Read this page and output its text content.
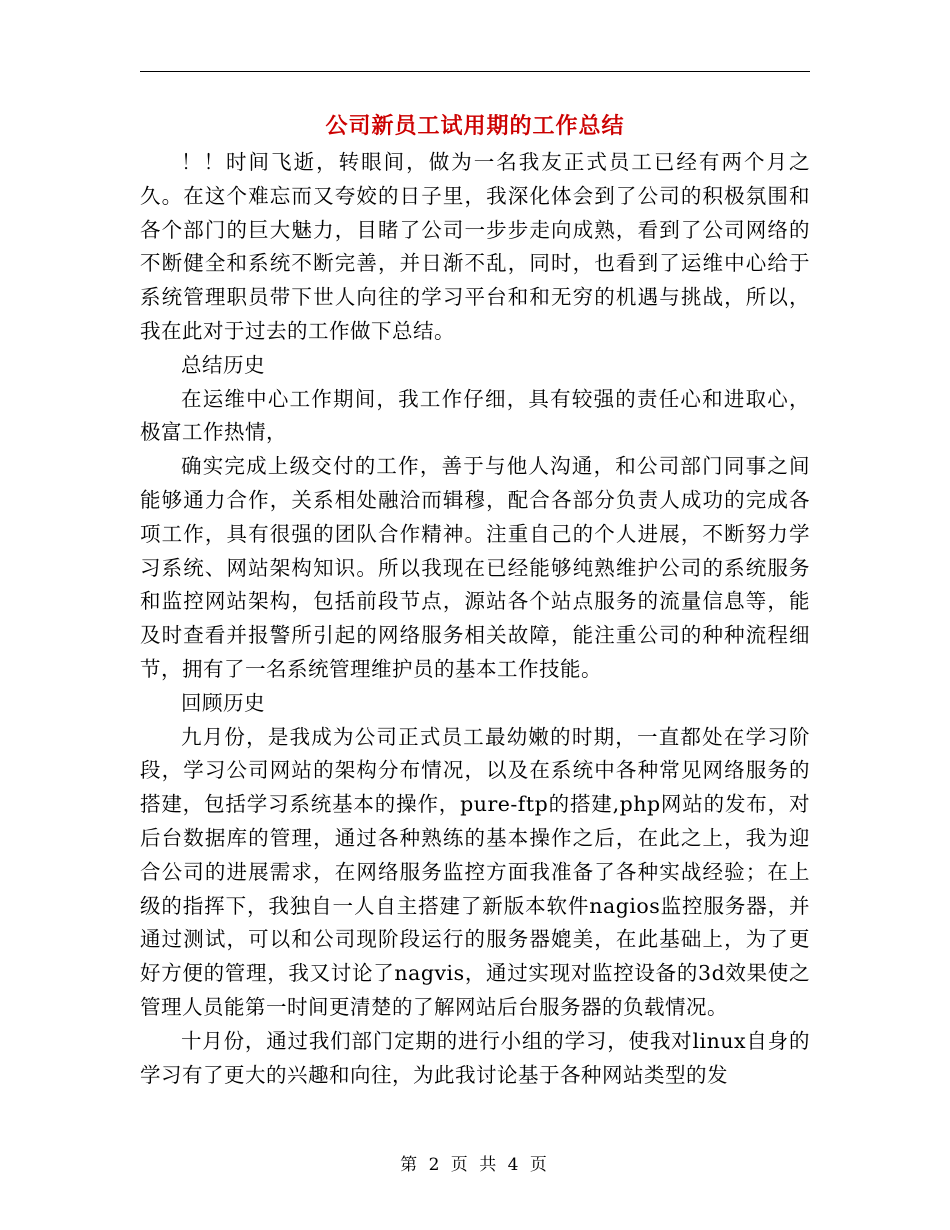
公司新员工试用期的工作总结

！！时间飞逝，转眼间，做为一名我友正式员工已经有两个月之久。在这个难忘而又夸姣的日子里，我深化体会到了公司的积极氛围和各个部门的巨大魅力，目睹了公司一步步走向成熟，看到了公司网络的不断健全和系统不断完善，并日渐不乱，同时，也看到了运维中心给于系统管理职员带下世人向往的学习平台和和无穷的机遇与挑战，所以，我在此对于过去的工作做下总结。

总结历史

在运维中心工作期间，我工作仔细，具有较强的责任心和进取心，极富工作热情，

确实完成上级交付的工作，善于与他人沟通，和公司部门同事之间能够通力合作，关系相处融洽而辑穆，配合各部分负责人成功的完成各项工作，具有很强的团队合作精神。注重自己的个人进展，不断努力学习系统、网站架构知识。所以我现在已经能够纯熟维护公司的系统服务和监控网站架构，包括前段节点，源站各个站点服务的流量信息等，能及时查看并报警所引起的网络服务相关故障，能注重公司的种种流程细节，拥有了一名系统管理维护员的基本工作技能。

回顾历史

九月份，是我成为公司正式员工最幼嫩的时期，一直都处在学习阶段，学习公司网站的架构分布情况，以及在系统中各种常见网络服务的搭建，包括学习系统基本的操作，pure-ftp的搭建,php网站的发布，对后台数据库的管理，通过各种熟练的基本操作之后，在此之上，我为迎合公司的进展需求，在网络服务监控方面我准备了各种实战经验；在上级的指挥下，我独自一人自主搭建了新版本软件nagios监控服务器，并通过测试，可以和公司现阶段运行的服务器媲美，在此基础上，为了更好方便的管理，我又讨论了nagvis，通过实现对监控设备的3d效果使之管理人员能第一时间更清楚的了解网站后台服务器的负载情况。

十月份，通过我们部门定期的进行小组的学习，使我对linux自身的学习有了更大的兴趣和向往，为此我讨论基于各种网站类型的发

第 2 页 共 4 页
